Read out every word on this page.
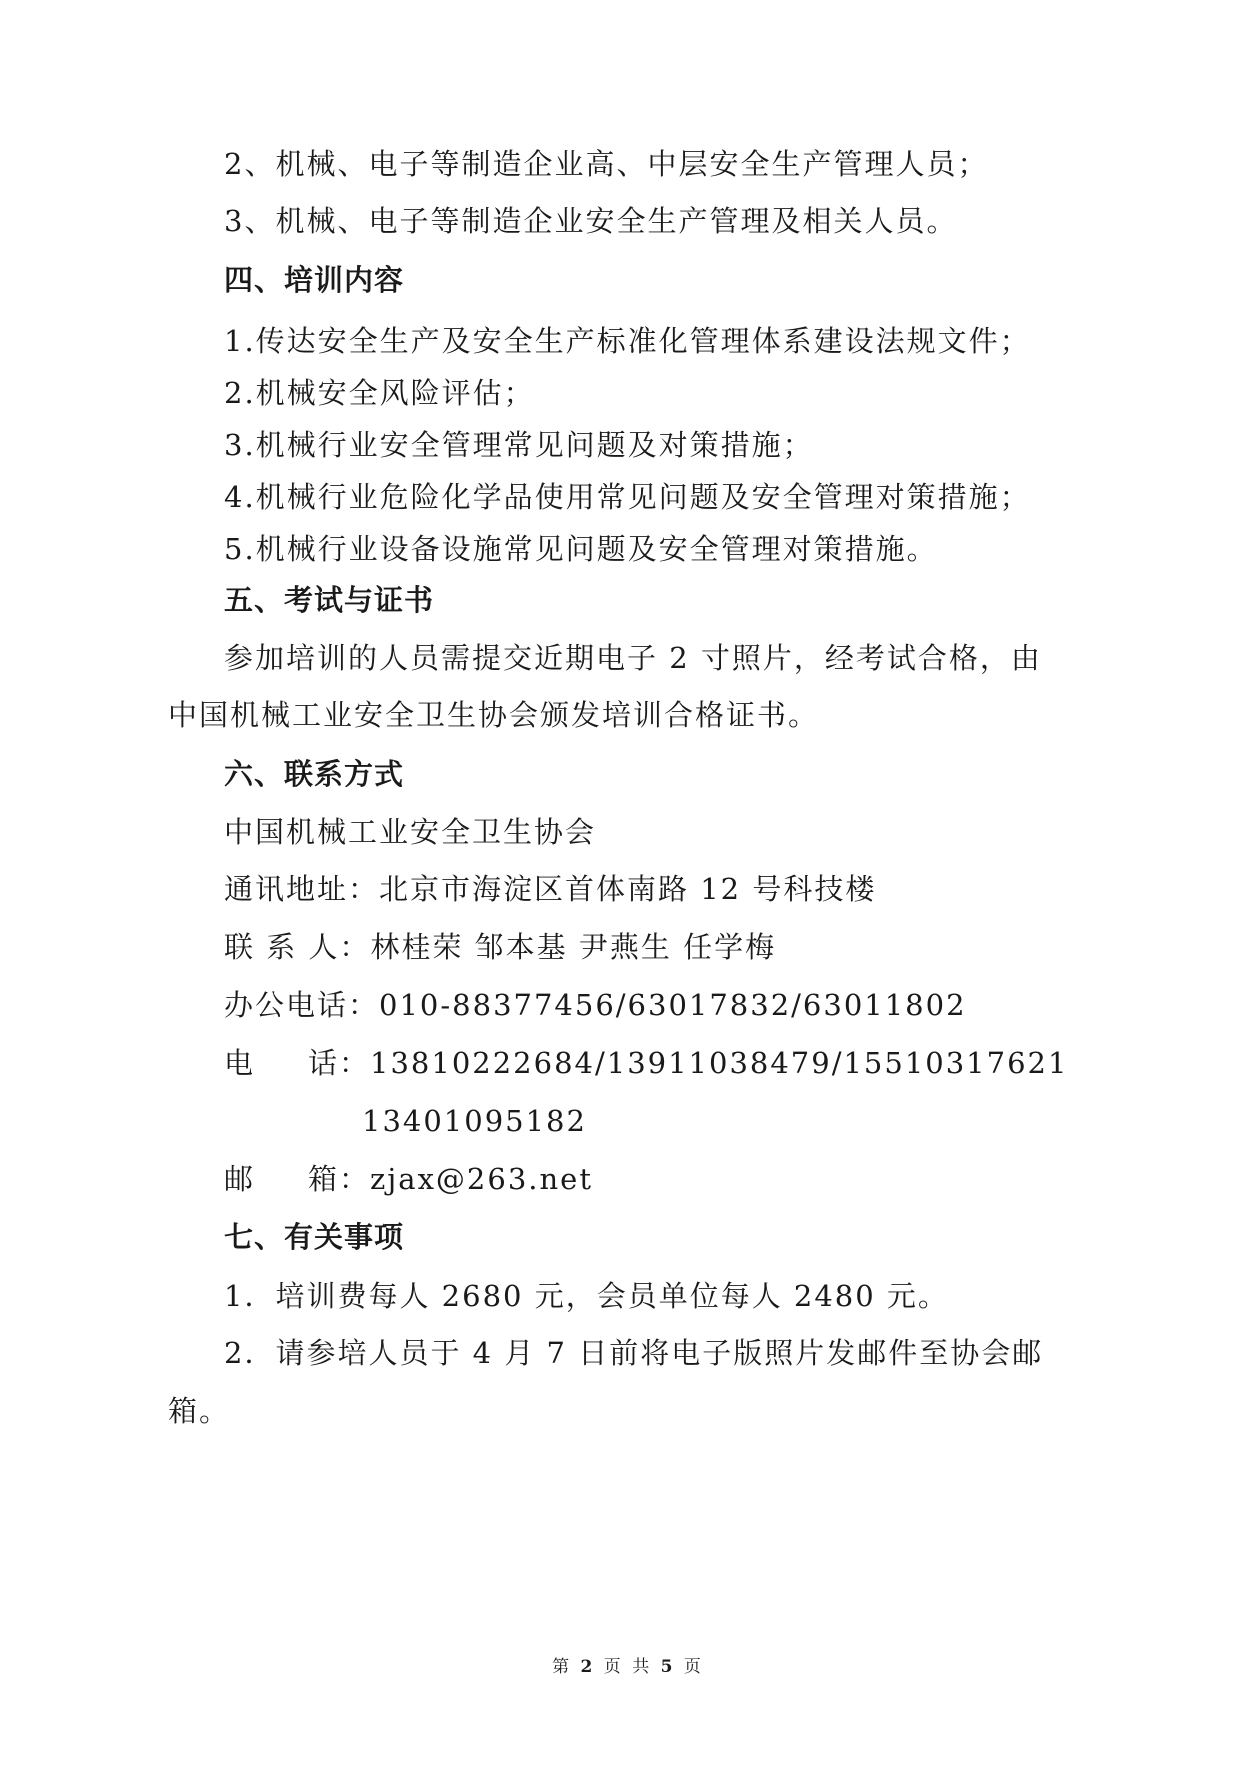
2、机械、电子等制造企业高、中层安全生产管理人员；
3、机械、电子等制造企业安全生产管理及相关人员。
四、培训内容
1.传达安全生产及安全生产标准化管理体系建设法规文件；
2.机械安全风险评估；
3.机械行业安全管理常见问题及对策措施；
4.机械行业危险化学品使用常见问题及安全管理对策措施；
5.机械行业设备设施常见问题及安全管理对策措施。
五、考试与证书
参加培训的人员需提交近期电子 2 寸照片，经考试合格，由
中国机械工业安全卫生协会颁发培训合格证书。
六、联系方式
中国机械工业安全卫生协会
通讯地址：北京市海淀区首体南路 12 号科技楼
联 系 人：林桂荣 邹本基 尹燕生 任学梅
办公电话：010-88377456/63017832/63011802
电 话：13810222684/13911038479/15510317621
13401095182
邮 箱：zjax@263.net
七、有关事项
1．培训费每人 2680 元，会员单位每人 2480 元。
2．请参培人员于 4 月 7 日前将电子版照片发邮件至协会邮
箱。
第 2 页 共 5 页
